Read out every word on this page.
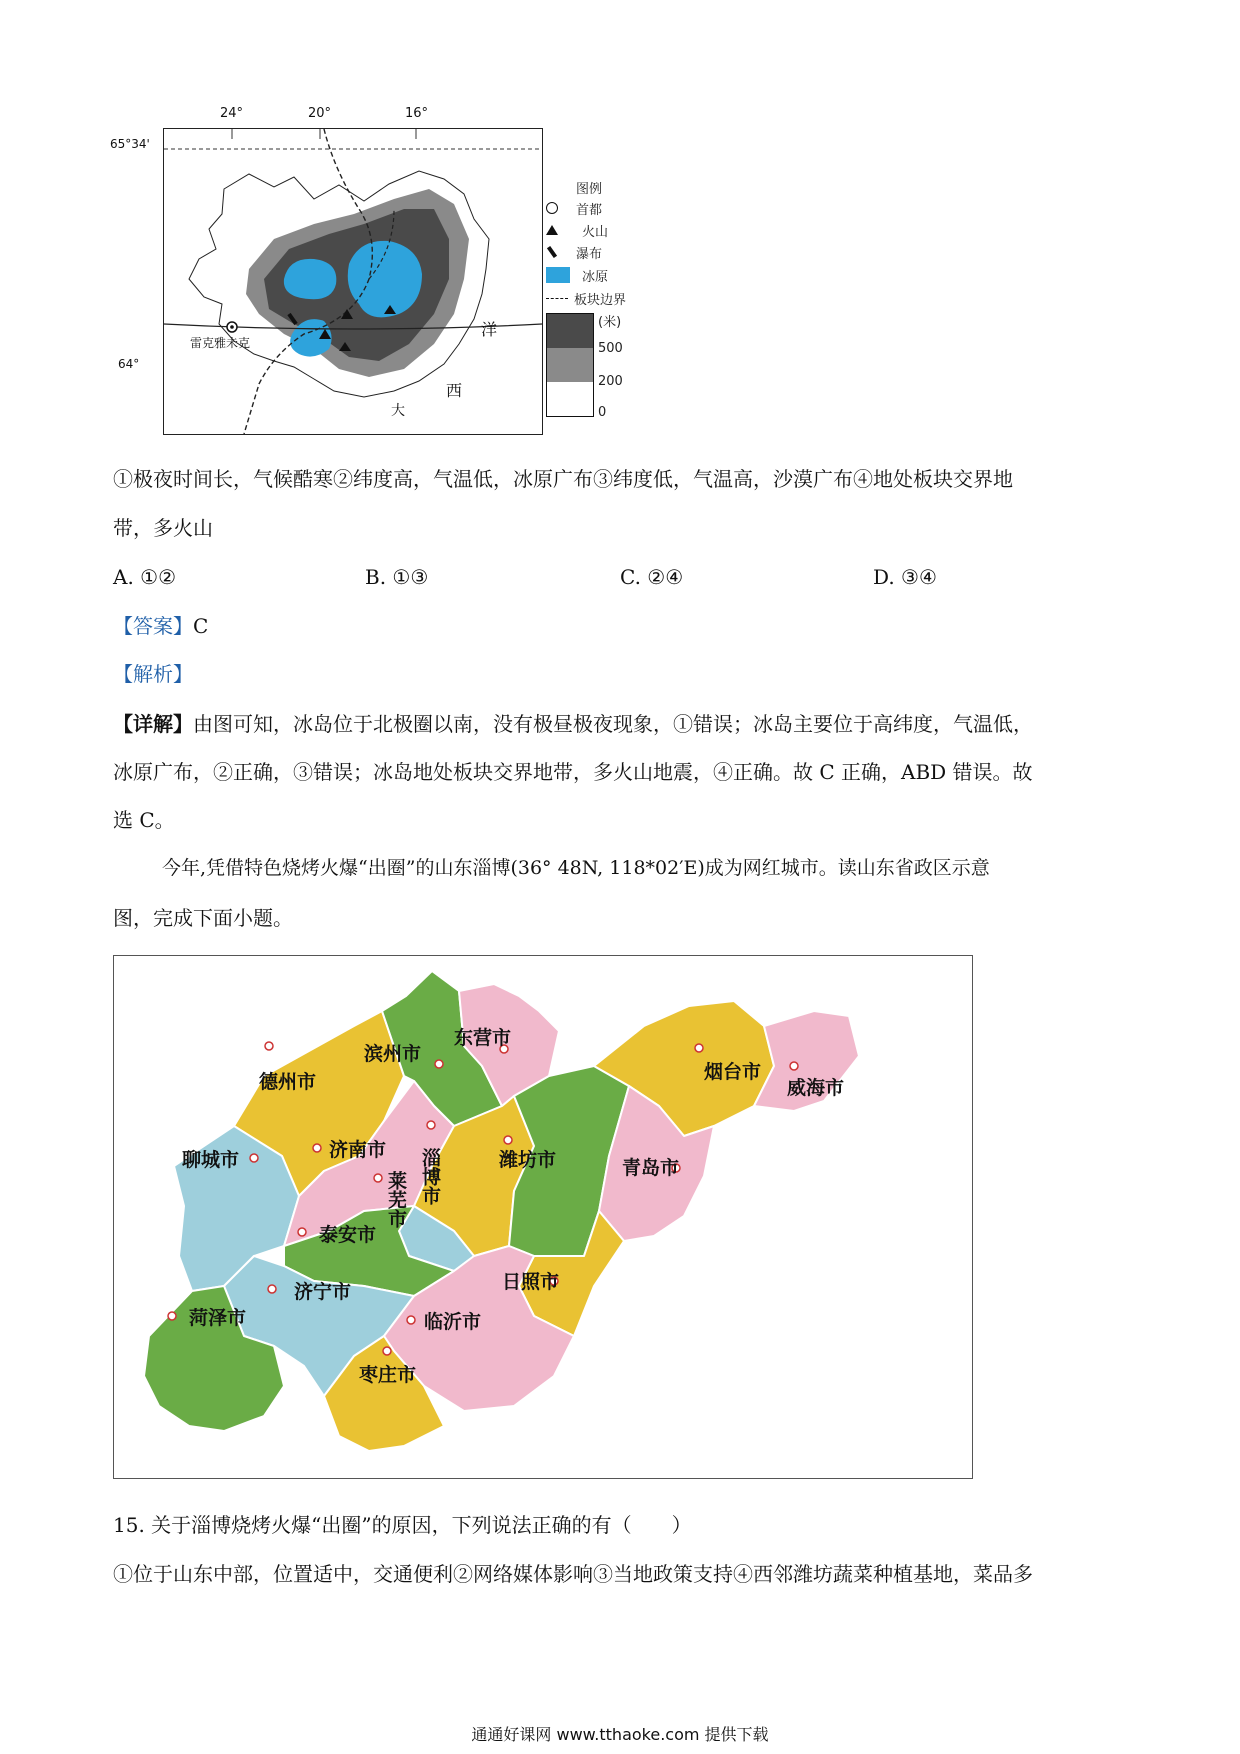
24°	20°	16°
65°34'
64°
雷克雅未克
洋
西
大
图例
首都
火山
瀑布
冰原
板块边界
(米)
500
200
0
①极夜时间长，气候酷寒②纬度高，气温低，冰原广布③纬度低，气温高，沙漠广布④地处板块交界地
带，多火山
A. ①②	B. ①③	C. ②④	D. ③④
【答案】C
【解析】
【详解】由图可知，冰岛位于北极圈以南，没有极昼极夜现象，①错误；冰岛主要位于高纬度，气温低，
冰原广布，②正确，③错误；冰岛地处板块交界地带，多火山地震，④正确。故 C 正确，ABD 错误。故
选 C。
今年,凭借特色烧烤火爆“出圈”的山东淄博(36° 48N, 118*02′E)成为网红城市。读山东省政区示意
图，完成下面小题。
德州市
滨州市
东营市
烟台市
威海市
聊城市	济南市 淄博市	潍坊市	青岛市
莱芜市
泰安市
日照市
济宁市
菏泽市	临沂市
枣庄市
15. 关于淄博烧烤火爆“出圈”的原因，下列说法正确的有（　　）
①位于山东中部，位置适中，交通便利②网络媒体影响③当地政策支持④西邻潍坊蔬菜种植基地，菜品多
通通好课网 www.tthaoke.com 提供下载
